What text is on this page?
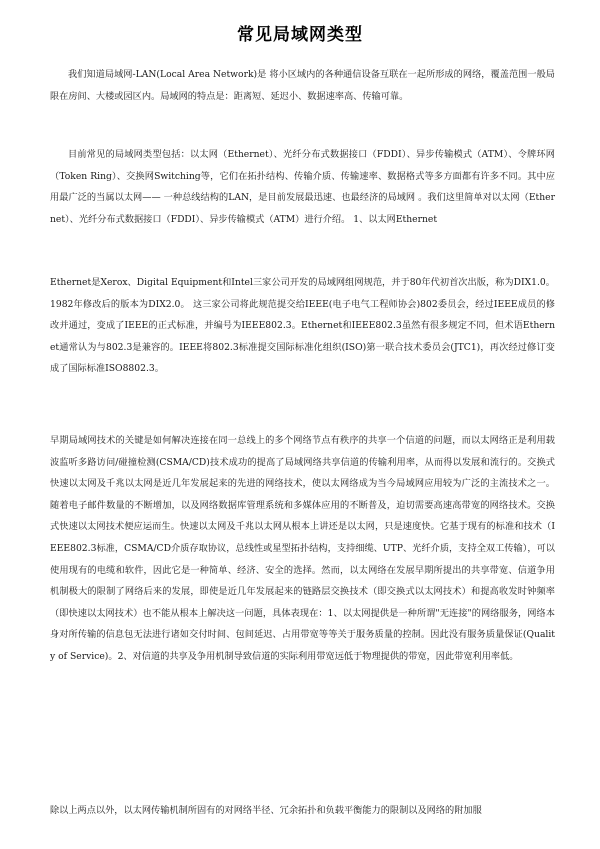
常见局域网类型
我们知道局域网-LAN(Local Area Network)是 将小区域内的各种通信设备互联在一起所形成的网络，覆盖范围一般局限在房间、大楼或园区内。局域网的特点是：距离短、延迟小、数据速率高、传输可靠。
目前常见的局域网类型包括：以太网（Ethernet）、光纤分布式数据接口（FDDI）、异步传输模式（ATM）、令牌环网（Token Ring）、交换网Switching等，它们在拓扑结构、传输介质、传输速率、数据格式等多方面都有许多不同。其中应用最广泛的当属以太网—— 一种总线结构的LAN，是目前发展最迅速、也最经济的局域网 。我们这里简单对以太网（Ethernet）、光纤分布式数据接口（FDDI）、异步传输模式（ATM）进行介绍。 1、以太网Ethernet
Ethernet是Xerox、Digital Equipment和Intel三家公司开发的局域网组网规范，并于80年代初首次出版，称为DIX1.0。1982年修改后的版本为DIX2.0。 这三家公司将此规范提交给IEEE(电子电气工程师协会)802委员会，经过IEEE成员的修改并通过，变成了IEEE的正式标准，并编号为IEEE802.3。Ethernet和IEEE802.3虽然有很多规定不同，但术语Ethernet通常认为与802.3是兼容的。IEEE将802.3标准提交国际标准化组织(ISO)第一联合技术委员会(JTC1)，再次经过修订变成了国际标准ISO8802.3。
早期局域网技术的关键是如何解决连接在同一总线上的多个网络节点有秩序的共享一个信道的问题，而以太网络正是利用载波监听多路访问/碰撞检测(CSMA/CD)技术成功的提高了局域网络共享信道的传输利用率，从而得以发展和流行的。交换式快速以太网及千兆以太网是近几年发展起来的先进的网络技术，使以太网络成为当今局域网应用较为广泛的主流技术之一。随着电子邮件数量的不断增加，以及网络数据库管理系统和多媒体应用的不断普及，迫切需要高速高带宽的网络技术。交换式快速以太网技术便应运而生。快速以太网及千兆以太网从根本上讲还是以太网，只是速度快。它基于现有的标准和技术（IEEE802.3标准，CSMA/CD介质存取协议，总线性或星型拓扑结构，支持细缆、UTP、光纤介质，支持全双工传输），可以使用现有的电缆和软件，因此它是一种简单、经济、安全的选择。然而，以太网络在发展早期所提出的共享带宽、信道争用机制极大的限制了网络后来的发展，即使是近几年发展起来的链路层交换技术（即交换式以太网技术）和提高收发时钟频率（即快速以太网技术）也不能从根本上解决这一问题，具体表现在：1、以太网提供是一种所谓"无连接"的网络服务，网络本身对所传输的信息包无法进行诸如交付时间、包间延迟、占用带宽等等关于服务质量的控制。因此没有服务质量保证(Quality of Service)。2、对信道的共享及争用机制导致信道的实际利用带宽远低于物理提供的带宽，因此带宽利用率低。
除以上两点以外，以太网传输机制所固有的对网络半径、冗余拓扑和负载平衡能力的限制以及网络的附加服
